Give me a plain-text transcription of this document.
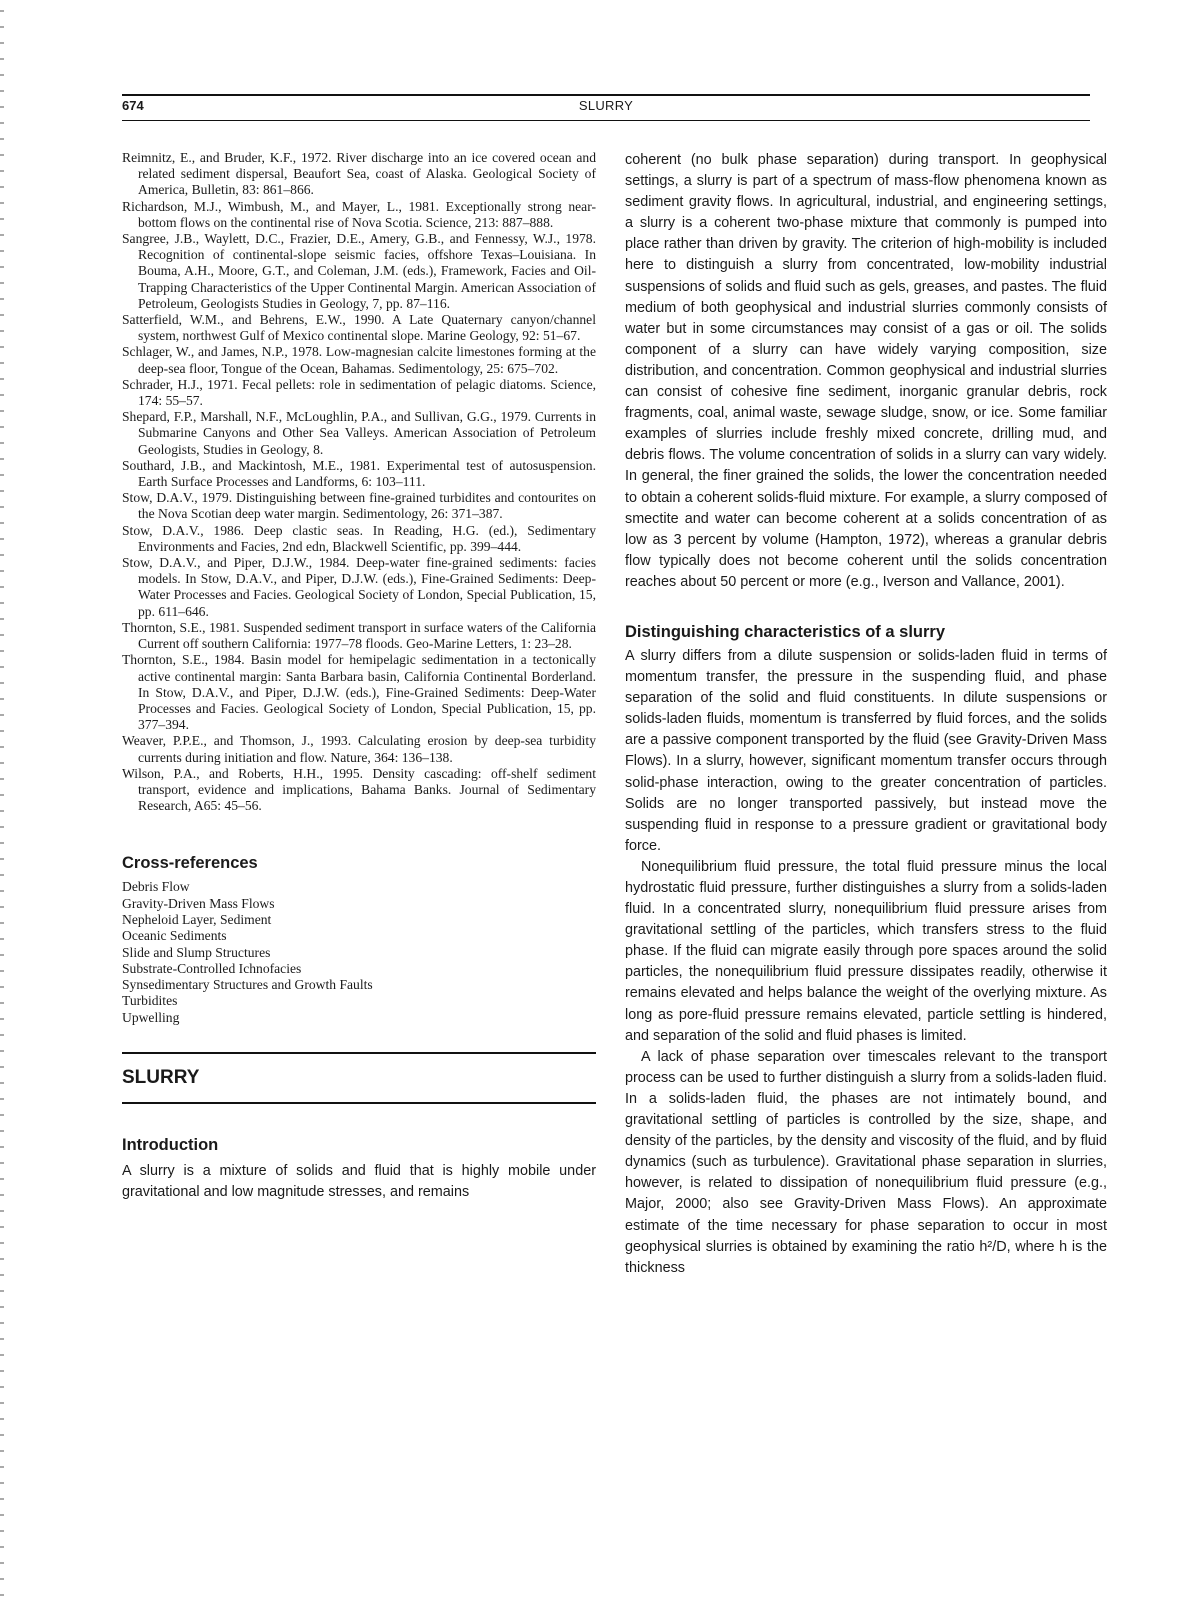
674	SLURRY
Reimnitz, E., and Bruder, K.F., 1972. River discharge into an ice covered ocean and related sediment dispersal, Beaufort Sea, coast of Alaska. Geological Society of America, Bulletin, 83: 861–866.
Richardson, M.J., Wimbush, M., and Mayer, L., 1981. Exceptionally strong near-bottom flows on the continental rise of Nova Scotia. Science, 213: 887–888.
Sangree, J.B., Waylett, D.C., Frazier, D.E., Amery, G.B., and Fennessy, W.J., 1978. Recognition of continental-slope seismic facies, offshore Texas–Louisiana. In Bouma, A.H., Moore, G.T., and Coleman, J.M. (eds.), Framework, Facies and Oil-Trapping Characteristics of the Upper Continental Margin. American Association of Petroleum, Geologists Studies in Geology, 7, pp. 87–116.
Satterfield, W.M., and Behrens, E.W., 1990. A Late Quaternary canyon/channel system, northwest Gulf of Mexico continental slope. Marine Geology, 92: 51–67.
Schlager, W., and James, N.P., 1978. Low-magnesian calcite limestones forming at the deep-sea floor, Tongue of the Ocean, Bahamas. Sedimentology, 25: 675–702.
Schrader, H.J., 1971. Fecal pellets: role in sedimentation of pelagic diatoms. Science, 174: 55–57.
Shepard, F.P., Marshall, N.F., McLoughlin, P.A., and Sullivan, G.G., 1979. Currents in Submarine Canyons and Other Sea Valleys. American Association of Petroleum Geologists, Studies in Geology, 8.
Southard, J.B., and Mackintosh, M.E., 1981. Experimental test of autosuspension. Earth Surface Processes and Landforms, 6: 103–111.
Stow, D.A.V., 1979. Distinguishing between fine-grained turbidites and contourites on the Nova Scotian deep water margin. Sedimentology, 26: 371–387.
Stow, D.A.V., 1986. Deep clastic seas. In Reading, H.G. (ed.), Sedimentary Environments and Facies, 2nd edn, Blackwell Scientific, pp. 399–444.
Stow, D.A.V., and Piper, D.J.W., 1984. Deep-water fine-grained sediments: facies models. In Stow, D.A.V., and Piper, D.J.W. (eds.), Fine-Grained Sediments: Deep-Water Processes and Facies. Geological Society of London, Special Publication, 15, pp. 611–646.
Thornton, S.E., 1981. Suspended sediment transport in surface waters of the California Current off southern California: 1977–78 floods. Geo-Marine Letters, 1: 23–28.
Thornton, S.E., 1984. Basin model for hemipelagic sedimentation in a tectonically active continental margin: Santa Barbara basin, California Continental Borderland. In Stow, D.A.V., and Piper, D.J.W. (eds.), Fine-Grained Sediments: Deep-Water Processes and Facies. Geological Society of London, Special Publication, 15, pp. 377–394.
Weaver, P.P.E., and Thomson, J., 1993. Calculating erosion by deep-sea turbidity currents during initiation and flow. Nature, 364: 136–138.
Wilson, P.A., and Roberts, H.H., 1995. Density cascading: off-shelf sediment transport, evidence and implications, Bahama Banks. Journal of Sedimentary Research, A65: 45–56.
Cross-references
Debris Flow
Gravity-Driven Mass Flows
Nepheloid Layer, Sediment
Oceanic Sediments
Slide and Slump Structures
Substrate-Controlled Ichnofacies
Synsedimentary Structures and Growth Faults
Turbidites
Upwelling
SLURRY
Introduction

A slurry is a mixture of solids and fluid that is highly mobile under gravitational and low magnitude stresses, and remains

coherent (no bulk phase separation) during transport. In geophysical settings, a slurry is part of a spectrum of mass-flow phenomena known as sediment gravity flows. In agricultural, industrial, and engineering settings, a slurry is a coherent two-phase mixture that commonly is pumped into place rather than driven by gravity. The criterion of high-mobility is included here to distinguish a slurry from concentrated, low-mobility industrial suspensions of solids and fluid such as gels, greases, and pastes. The fluid medium of both geophysical and industrial slurries commonly consists of water but in some circumstances may consist of a gas or oil. The solids component of a slurry can have widely varying composition, size distribution, and concentration. Common geophysical and industrial slurries can consist of cohesive fine sediment, inorganic granular debris, rock fragments, coal, animal waste, sewage sludge, snow, or ice. Some familiar examples of slurries include freshly mixed concrete, drilling mud, and debris flows. The volume concentration of solids in a slurry can vary widely. In general, the finer grained the solids, the lower the concentration needed to obtain a coherent solids-fluid mixture. For example, a slurry composed of smectite and water can become coherent at a solids concentration of as low as 3 percent by volume (Hampton, 1972), whereas a granular debris flow typically does not become coherent until the solids concentration reaches about 50 percent or more (e.g., Iverson and Vallance, 2001).

Distinguishing characteristics of a slurry

A slurry differs from a dilute suspension or solids-laden fluid in terms of momentum transfer, the pressure in the suspending fluid, and phase separation of the solid and fluid constituents. In dilute suspensions or solids-laden fluids, momentum is transferred by fluid forces, and the solids are a passive component transported by the fluid (see Gravity-Driven Mass Flows). In a slurry, however, significant momentum transfer occurs through solid-phase interaction, owing to the greater concentration of particles. Solids are no longer transported passively, but instead move the suspending fluid in response to a pressure gradient or gravitational body force.

Nonequilibrium fluid pressure, the total fluid pressure minus the local hydrostatic fluid pressure, further distinguishes a slurry from a solids-laden fluid. In a concentrated slurry, nonequilibrium fluid pressure arises from gravitational settling of the particles, which transfers stress to the fluid phase. If the fluid can migrate easily through pore spaces around the solid particles, the nonequilibrium fluid pressure dissipates readily, otherwise it remains elevated and helps balance the weight of the overlying mixture. As long as pore-fluid pressure remains elevated, particle settling is hindered, and separation of the solid and fluid phases is limited.

A lack of phase separation over timescales relevant to the transport process can be used to further distinguish a slurry from a solids-laden fluid. In a solids-laden fluid, the phases are not intimately bound, and gravitational settling of particles is controlled by the size, shape, and density of the particles, by the density and viscosity of the fluid, and by fluid dynamics (such as turbulence). Gravitational phase separation in slurries, however, is related to dissipation of nonequilibrium fluid pressure (e.g., Major, 2000; also see Gravity-Driven Mass Flows). An approximate estimate of the time necessary for phase separation to occur in most geophysical slurries is obtained by examining the ratio h²/D, where h is the thickness
